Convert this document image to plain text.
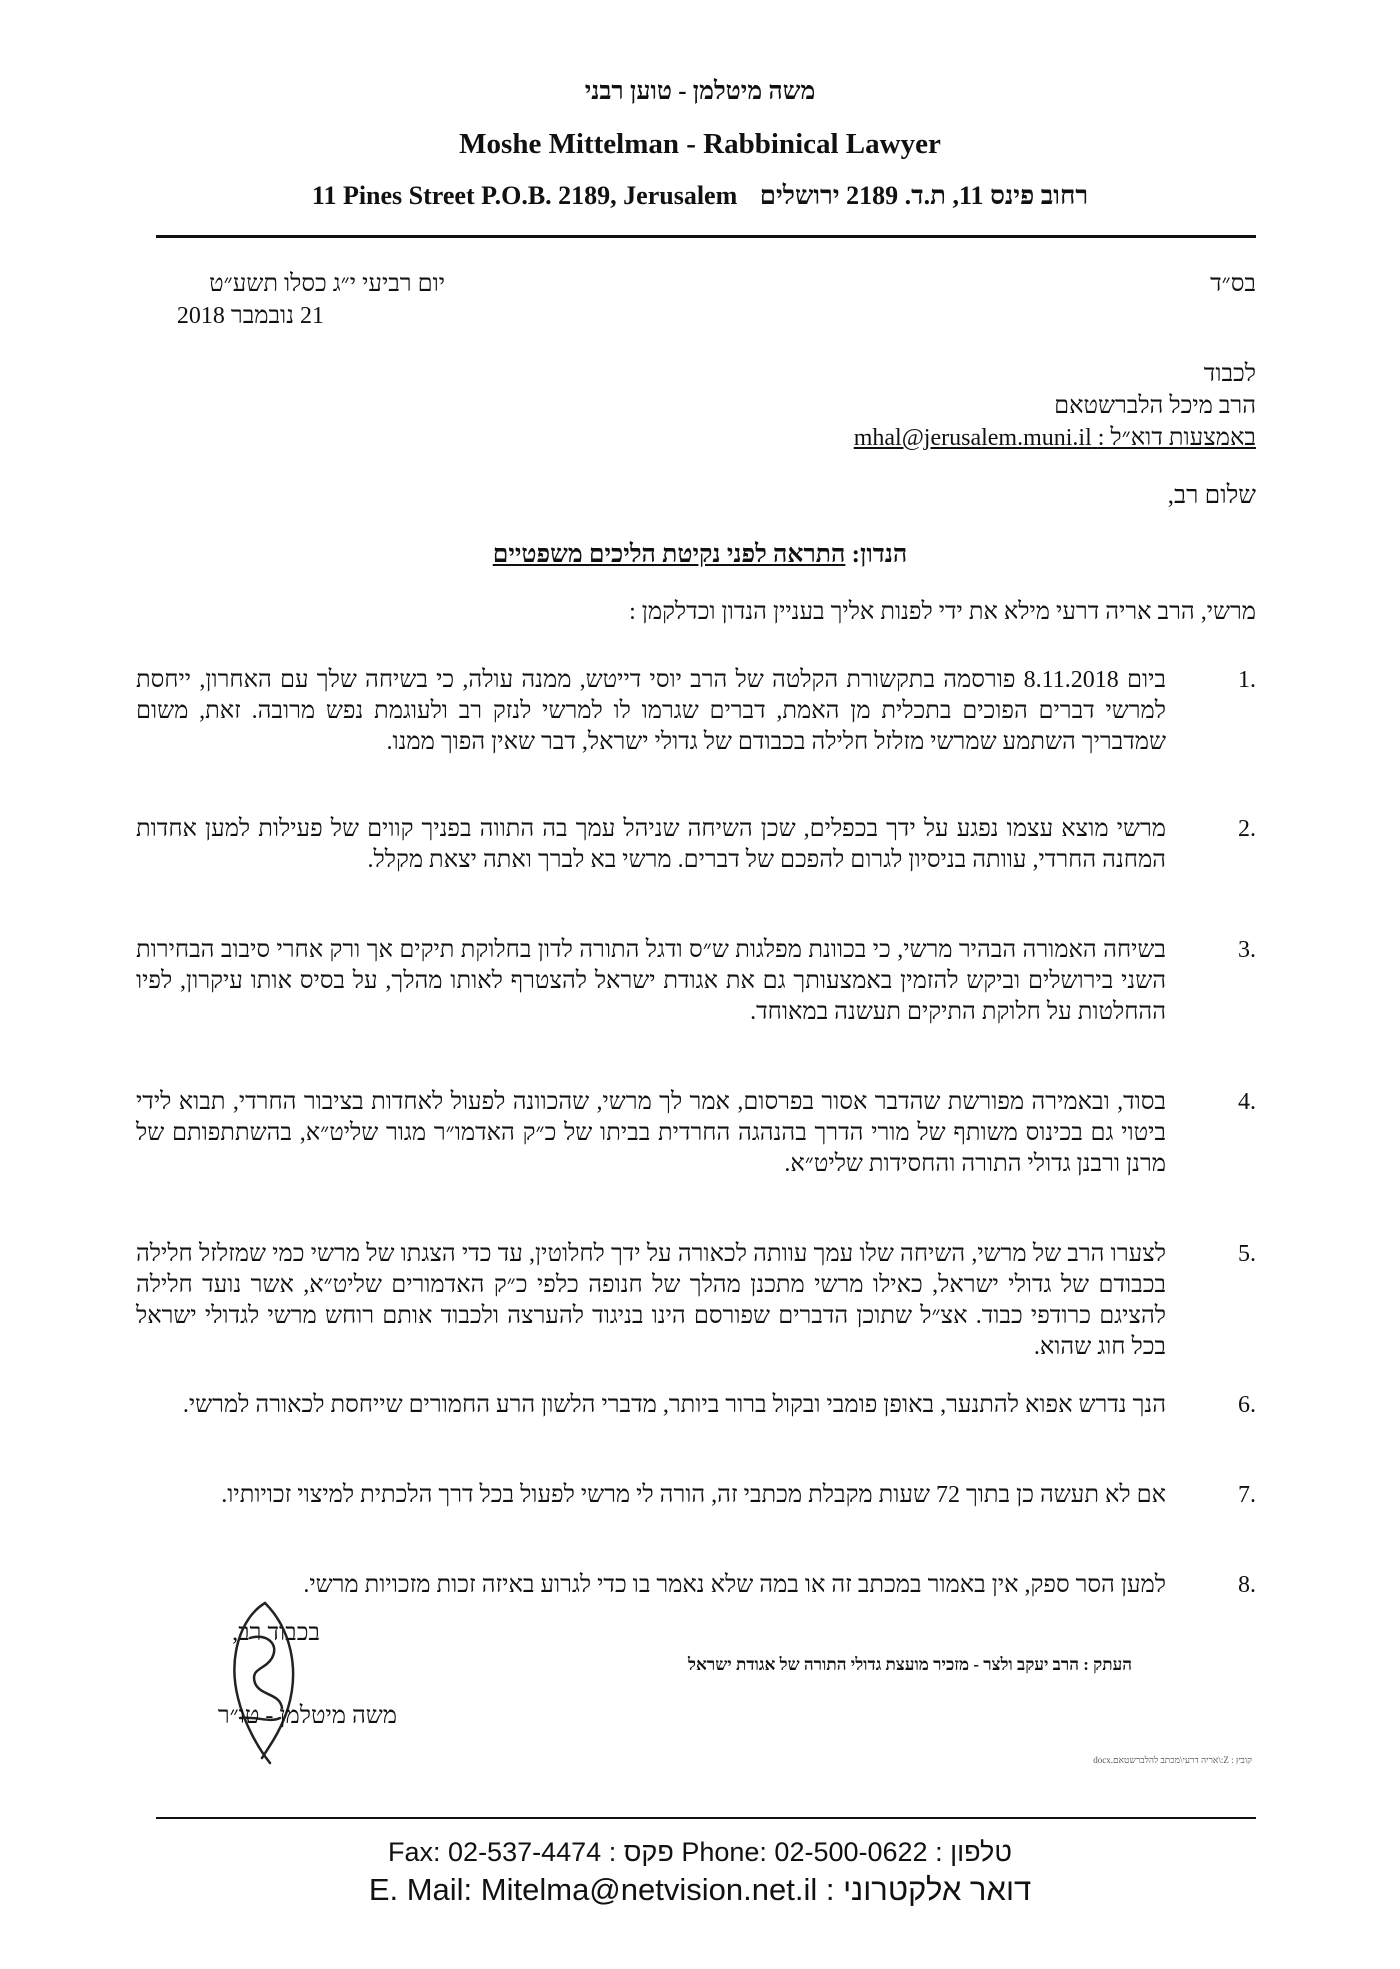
משה מיטלמן - טוען רבני
Moshe Mittelman - Rabbinical Lawyer
11 Pines Street P.O.B. 2189, Jerusalem רחוב פינס 11, ת.ד. 2189 ירושלים
בס״ד
יום רביעי י״ג כסלו תשע״ט
21 נובמבר 2018
לכבוד
הרב מיכל הלברשטאם
באמצעות דוא״ל : mhal@jerusalem.muni.il
שלום רב,
הנדון: התראה לפני נקיטת הליכים משפטיים
מרשי, הרב אריה דרעי מילא את ידי לפנות אליך בעניין הנדון וכדלקמן :
1.
ביום 8.11.2018 פורסמה בתקשורת הקלטה של הרב יוסי דייטש, ממנה עולה, כי בשיחה שלך עם האחרון, ייחסת למרשי דברים הפוכים בתכלית מן האמת, דברים שגרמו לו למרשי לנזק רב ולעוגמת נפש מרובה. זאת, משום שמדבריך השתמע שמרשי מזלזל חלילה בכבודם של גדולי ישראל, דבר שאין הפוך ממנו.
2.
מרשי מוצא עצמו נפגע על ידך בכפלים, שכן השיחה שניהל עמך בה התווה בפניך קווים של פעילות למען אחדות המחנה החרדי, עוותה בניסיון לגרום להפכם של דברים. מרשי בא לברך ואתה יצאת מקלל.
3.
בשיחה האמורה הבהיר מרשי, כי בכוונת מפלגות ש״ס ודגל התורה לדון בחלוקת תיקים אך ורק אחרי סיבוב הבחירות השני בירושלים וביקש להזמין באמצעותך גם את אגודת ישראל להצטרף לאותו מהלך, על בסיס אותו עיקרון, לפיו ההחלטות על חלוקת התיקים תעשנה במאוחד.
4.
בסוד, ובאמירה מפורשת שהדבר אסור בפרסום, אמר לך מרשי, שהכוונה לפעול לאחדות בציבור החרדי, תבוא לידי ביטוי גם בכינוס משותף של מורי הדרך בהנהגה החרדית בביתו של כ״ק האדמו״ר מגור שליט״א, בהשתתפותם של מרנן ורבנן גדולי התורה והחסידות שליט״א.
5.
לצערו הרב של מרשי, השיחה שלו עמך עוותה לכאורה על ידך לחלוטין, עד כדי הצגתו של מרשי כמי שמזלזל חלילה בכבודם של גדולי ישראל, כאילו מרשי מתכנן מהלך של חנופה כלפי כ״ק האדמורים שליט״א, אשר נועד חלילה להציגם כרודפי כבוד. אצ״ל שתוכן הדברים שפורסם הינו בניגוד להערצה ולכבוד אותם רוחש מרשי לגדולי ישראל בכל חוג שהוא.
6.
הנך נדרש אפוא להתנער, באופן פומבי ובקול ברור ביותר, מדברי הלשון הרע החמורים שייחסת לכאורה למרשי.
7.
אם לא תעשה כן בתוך 72 שעות מקבלת מכתבי זה, הורה לי מרשי לפעול בכל דרך הלכתית למיצוי זכויותיו.
8.
למען הסר ספק, אין באמור במכתב זה או במה שלא נאמר בו כדי לגרוע באיזה זכות מזכויות מרשי.
בכבוד רב,
העתק : הרב יעקב ולצר - מזכיר מועצת גדולי התורה של אגודת ישראל
משה מיטלמן - טו״ר
קובץ : Z:\אריה דרעי\מכתב להלברשטאם.docx
Fax: 02-537-4474 : פקס Phone: 02-500-0622 : טלפון
E. Mail: Mitelma@netvision.net.il : דואר אלקטרוני
